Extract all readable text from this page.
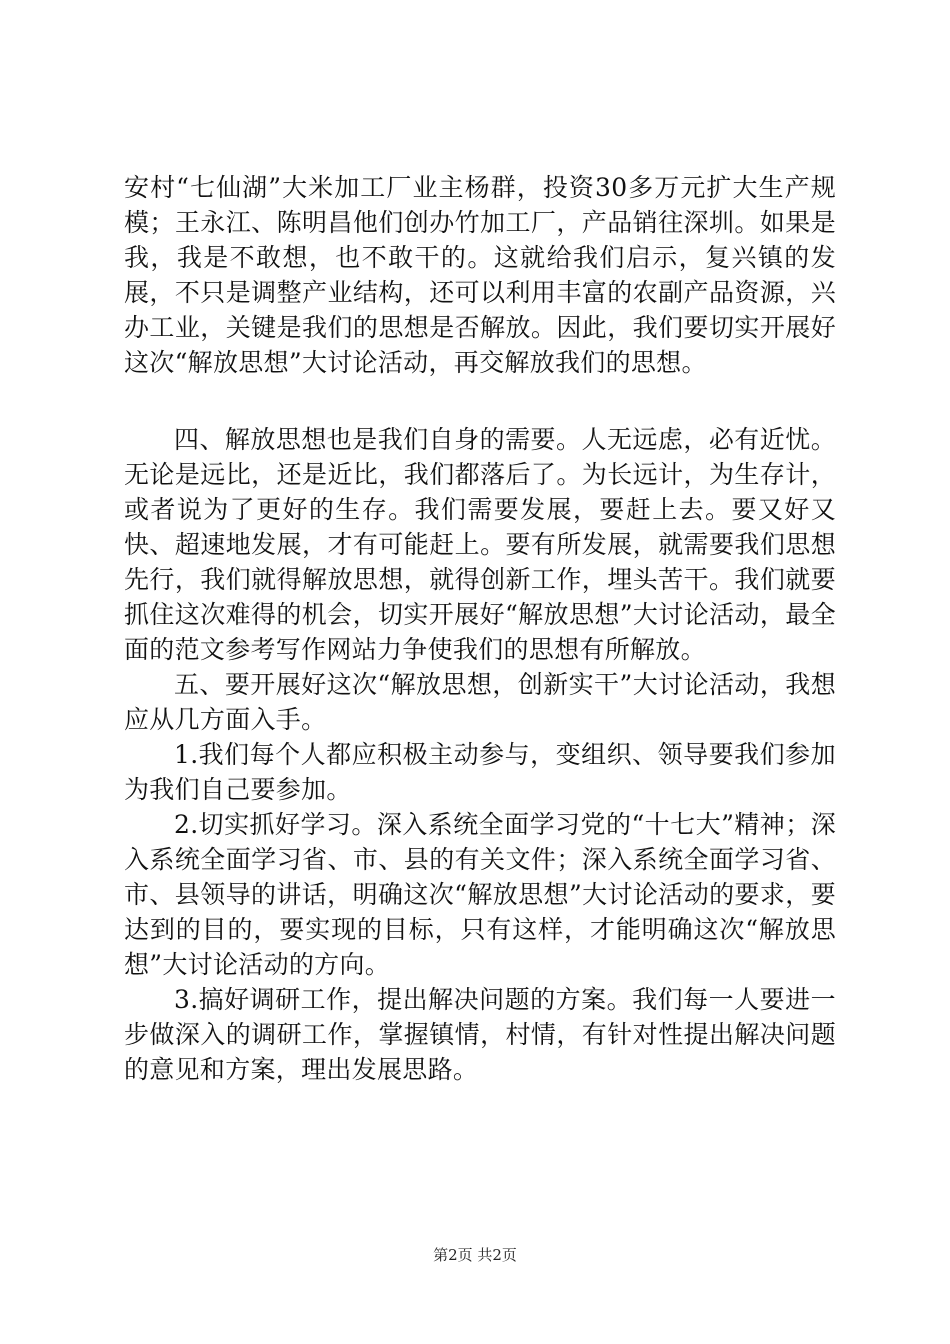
安村“七仙湖”大米加工厂业主杨群，投资30多万元扩大生产规模；王永江、陈明昌他们创办竹加工厂，产品销往深圳。如果是我，我是不敢想，也不敢干的。这就给我们启示，复兴镇的发展，不只是调整产业结构，还可以利用丰富的农副产品资源，兴办工业，关键是我们的思想是否解放。因此，我们要切实开展好这次“解放思想”大讨论活动，再交解放我们的思想。

四、解放思想也是我们自身的需要。人无远虑，必有近忧。无论是远比，还是近比，我们都落后了。为长远计，为生存计，或者说为了更好的生存。我们需要发展，要赶上去。要又好又快、超速地发展，才有可能赶上。要有所发展，就需要我们思想先行，我们就得解放思想，就得创新工作，埋头苦干。我们就要抓住这次难得的机会，切实开展好“解放思想”大讨论活动，最全面的范文参考写作网站力争使我们的思想有所解放。

五、要开展好这次“解放思想，创新实干”大讨论活动，我想应从几方面入手。

1.我们每个人都应积极主动参与，变组织、领导要我们参加为我们自己要参加。

2.切实抓好学习。深入系统全面学习党的“十七大”精神；深入系统全面学习省、市、县的有关文件；深入系统全面学习省、市、县领导的讲话，明确这次“解放思想”大讨论活动的要求，要达到的目的，要实现的目标，只有这样，才能明确这次“解放思想”大讨论活动的方向。

3.搞好调研工作，提出解决问题的方案。我们每一人要进一步做深入的调研工作，掌握镇情，村情，有针对性提出解决问题的意见和方案，理出发展思路。

第2页 共2页
